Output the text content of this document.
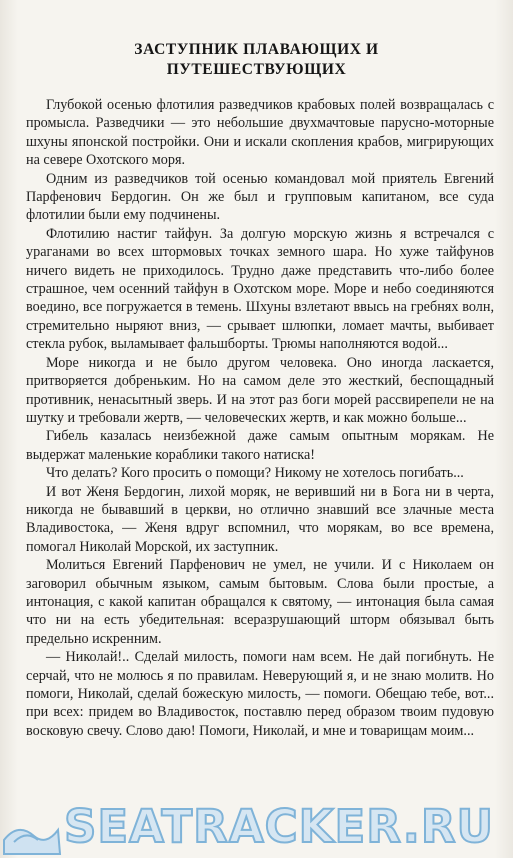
ЗАСТУПНИК ПЛАВАЮЩИХ И
ПУТЕШЕСТВУЮЩИХ

Глубокой осенью флотилия разведчиков крабовых полей возвращалась с промысла. Разведчики — это небольшие двухмачтовые парусно-моторные шхуны японской постройки. Они и искали скопления крабов, мигрирующих на севере Охотского моря.

Одним из разведчиков той осенью командовал мой приятель Евгений Парфенович Бердогин. Он же был и групповым капитаном, все суда флотилии были ему подчинены.

Флотилию настиг тайфун. За долгую морскую жизнь я встречался с ураганами во всех штормовых точках земного шара. Но хуже тайфунов ничего видеть не приходилось. Трудно даже представить что-либо более страшное, чем осенний тайфун в Охотском море. Море и небо соединяются воедино, все погружается в темень. Шхуны взлетают ввысь на гребнях волн, стремительно ныряют вниз, — срывает шлюпки, ломает мачты, выбивает стекла рубок, выламывает фальшборты. Трюмы наполняются водой...

Море никогда и не было другом человека. Оно иногда ласкается, притворяется добреньким. Но на самом деле это жесткий, беспощадный противник, ненасытный зверь. И на этот раз боги морей рассвирепели не на шутку и требовали жертв, — человеческих жертв, и как можно больше...

Гибель казалась неизбежной даже самым опытным морякам. Не выдержат маленькие кораблики такого натиска!

Что делать? Кого просить о помощи? Никому не хотелось погибать...

И вот Женя Бердогин, лихой моряк, не веривший ни в Бога ни в черта, никогда не бывавший в церкви, но отлично знавший все злачные места Владивостока, — Женя вдруг вспомнил, что морякам, во все времена, помогал Николай Морской, их заступник.

Молиться Евгений Парфенович не умел, не учили. И с Николаем он заговорил обычным языком, самым бытовым. Слова были простые, а интонация, с какой капитан обращался к святому, — интонация была самая что ни на есть убедительная: всеразрушающий шторм обязывал быть предельно искренним.

— Николай!.. Сделай милость, помоги нам всем. Не дай погибнуть. Не серчай, что не молюсь я по правилам. Неверующий я, и не знаю молитв. Но помоги, Николай, сделай божескую милость, — помоги. Обещаю тебе, вот... при всех: придем во Владивосток, поставлю перед образом твоим пудовую восковую свечу. Слово даю! Помоги, Николай, и мне и товарищам моим...

SEATRACKER.RU
